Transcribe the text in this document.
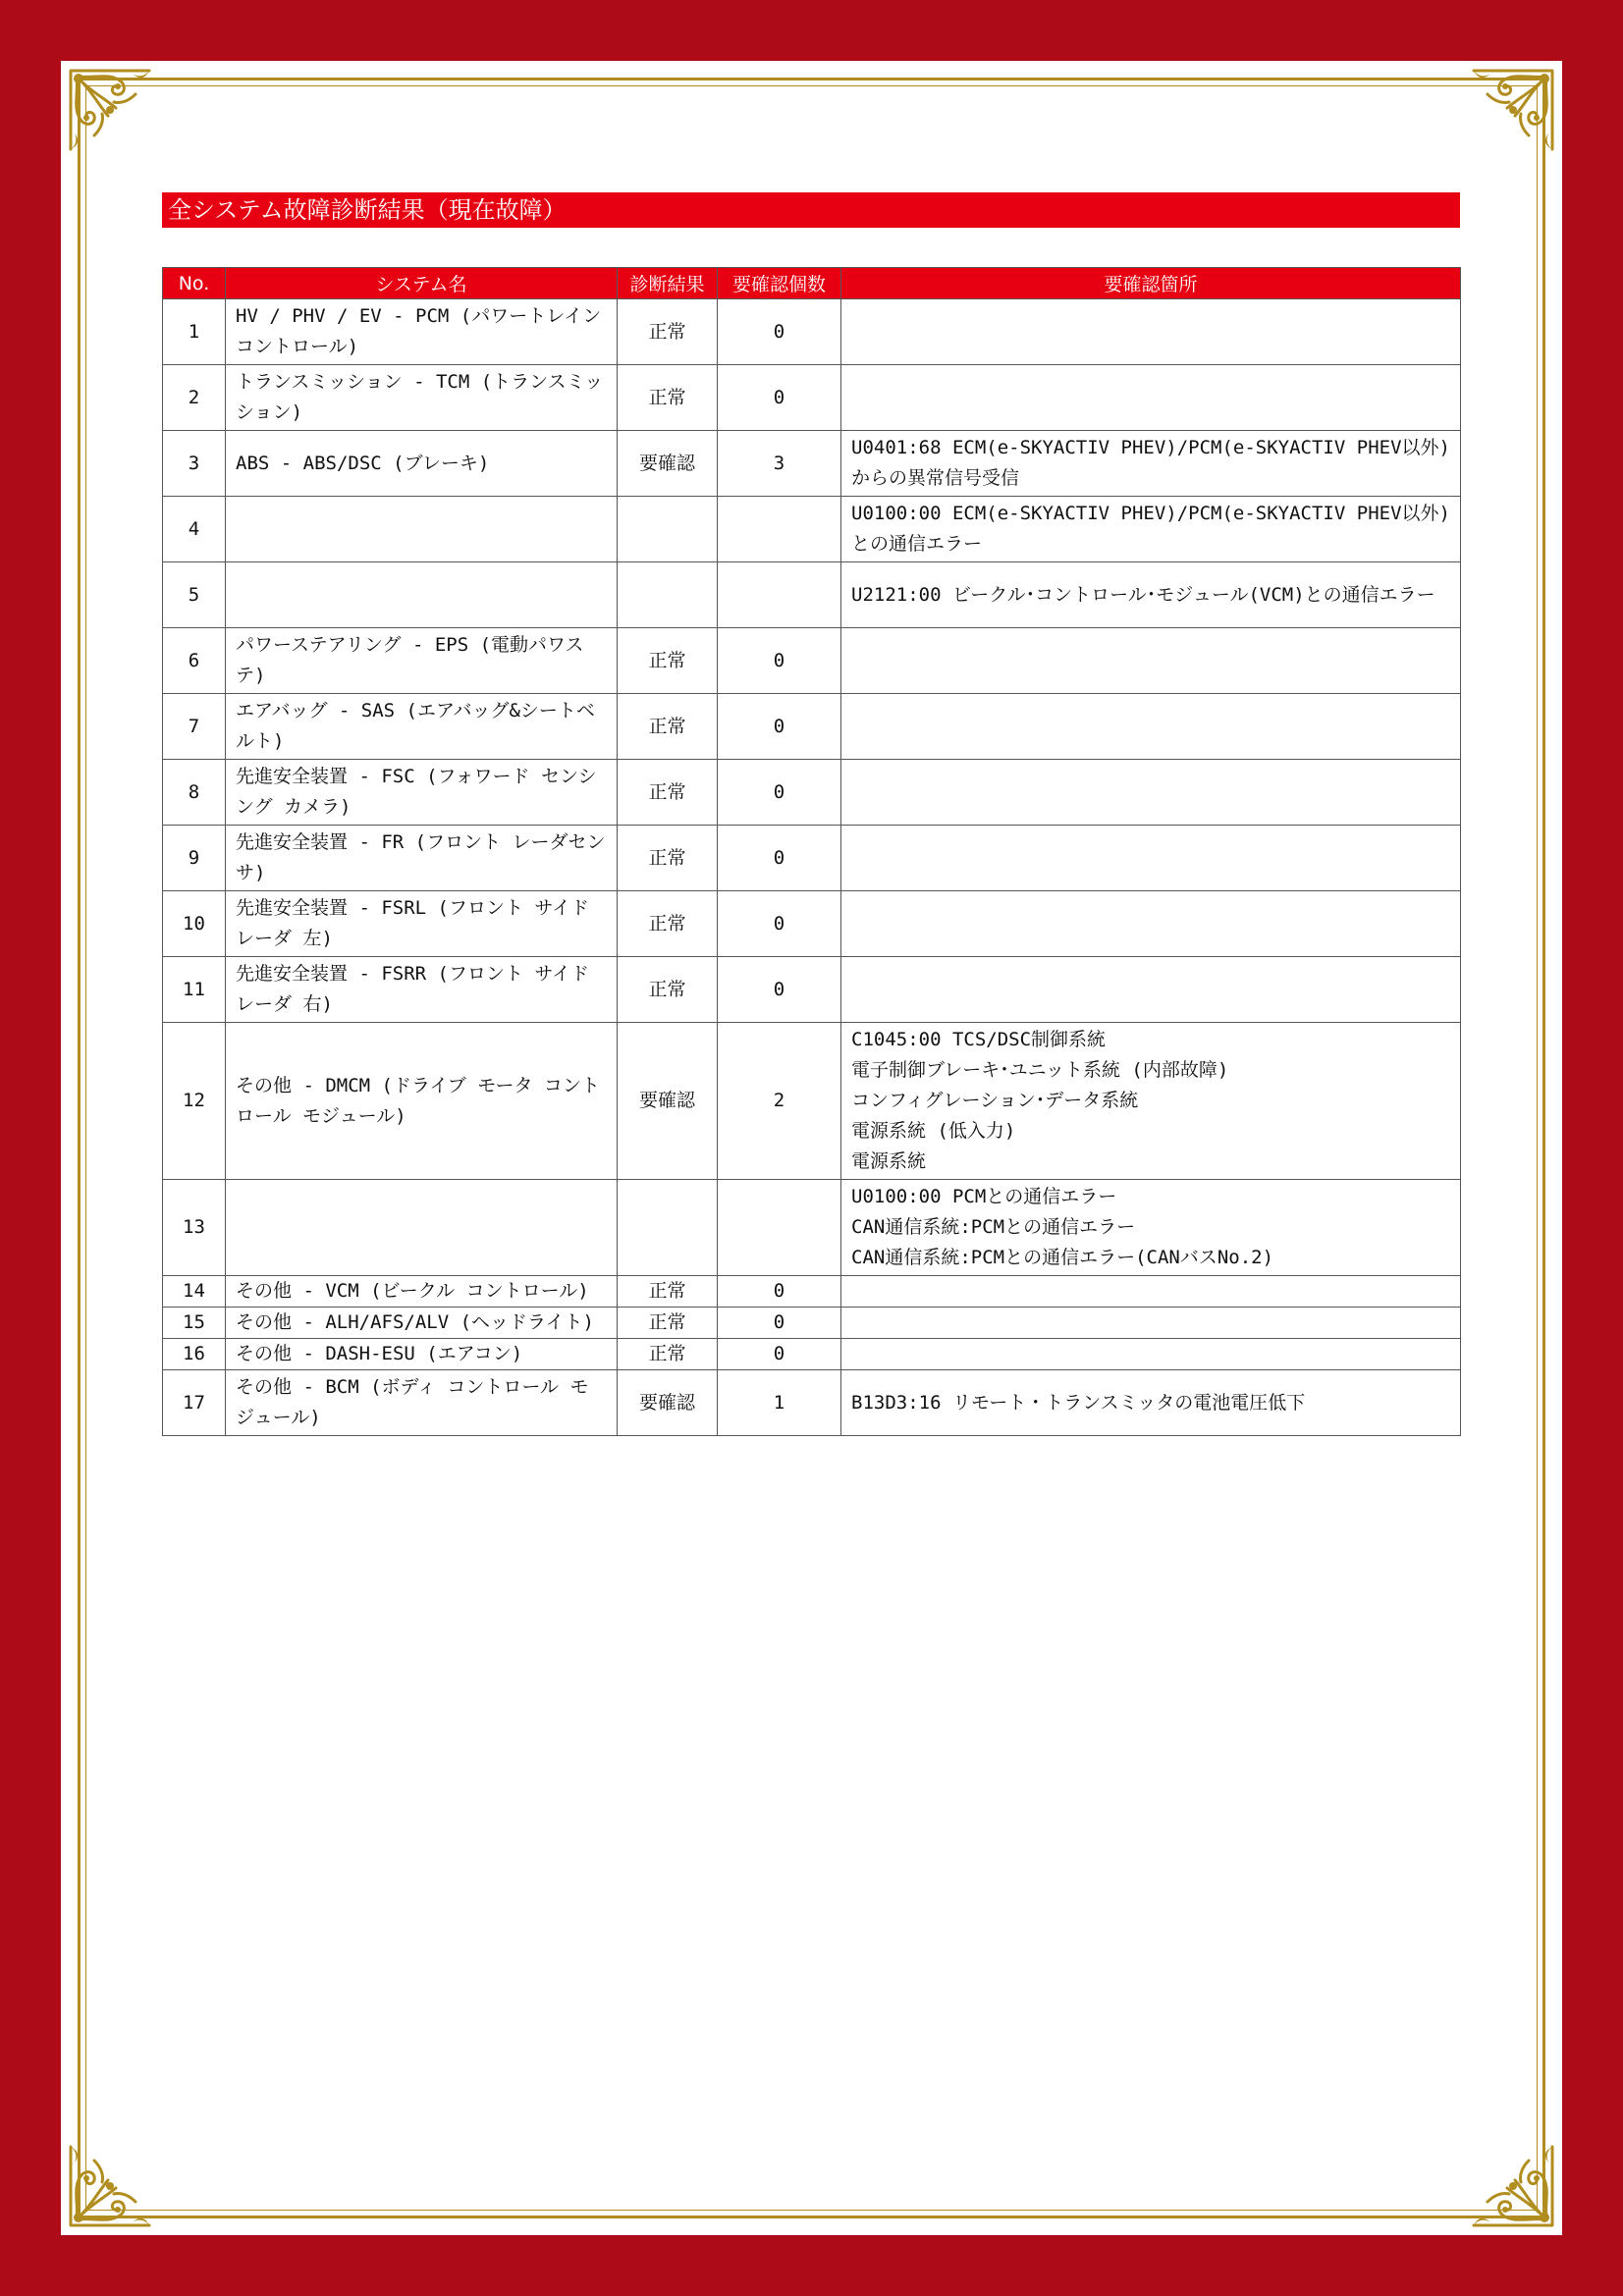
全システム故障診断結果（現在故障）
No.	システム名	診断結果	要確認個数	要確認箇所
1	HV / PHV / EV - PCM (パワートレインコントロール)	正常	0	
2	トランスミッション - TCM (トランスミッション)	正常	0	
3	ABS - ABS/DSC (ブレーキ)	要確認	3	U0401:68 ECM(e-SKYACTIV PHEV)/PCM(e-SKYACTIV PHEV以外)からの異常信号受信
4				U0100:00 ECM(e-SKYACTIV PHEV)/PCM(e-SKYACTIV PHEV以外)との通信エラー
5				U2121:00 ビークル･コントロール･モジュール(VCM)との通信エラー
6	パワーステアリング - EPS (電動パワステ)	正常	0	
7	エアバッグ - SAS (エアバッグ&シートベルト)	正常	0	
8	先進安全装置 - FSC (フォワード センシング カメラ)	正常	0	
9	先進安全装置 - FR (フロント レーダセンサ)	正常	0	
10	先進安全装置 - FSRL (フロント サイド レーダ 左)	正常	0	
11	先進安全装置 - FSRR (フロント サイド レーダ 右)	正常	0	
12	その他 - DMCM (ドライブ モータ コントロール モジュール)	要確認	2	C1045:00 TCS/DSC制御系統
電子制御ブレーキ･ユニット系統 (内部故障)
コンフィグレーション･データ系統
電源系統 (低入力)
電源系統

13				U0100:00 PCMとの通信エラー
CAN通信系統:PCMとの通信エラー
CAN通信系統:PCMとの通信エラー(CANバスNo.2)

14	その他 - VCM (ビークル コントロール)	正常	0	
15	その他 - ALH/AFS/ALV (ヘッドライト)	正常	0	
16	その他 - DASH-ESU (エアコン)	正常	0	
17	その他 - BCM (ボディ コントロール モジュール)	要確認	1	B13D3:16 リモート・トランスミッタの電池電圧低下
